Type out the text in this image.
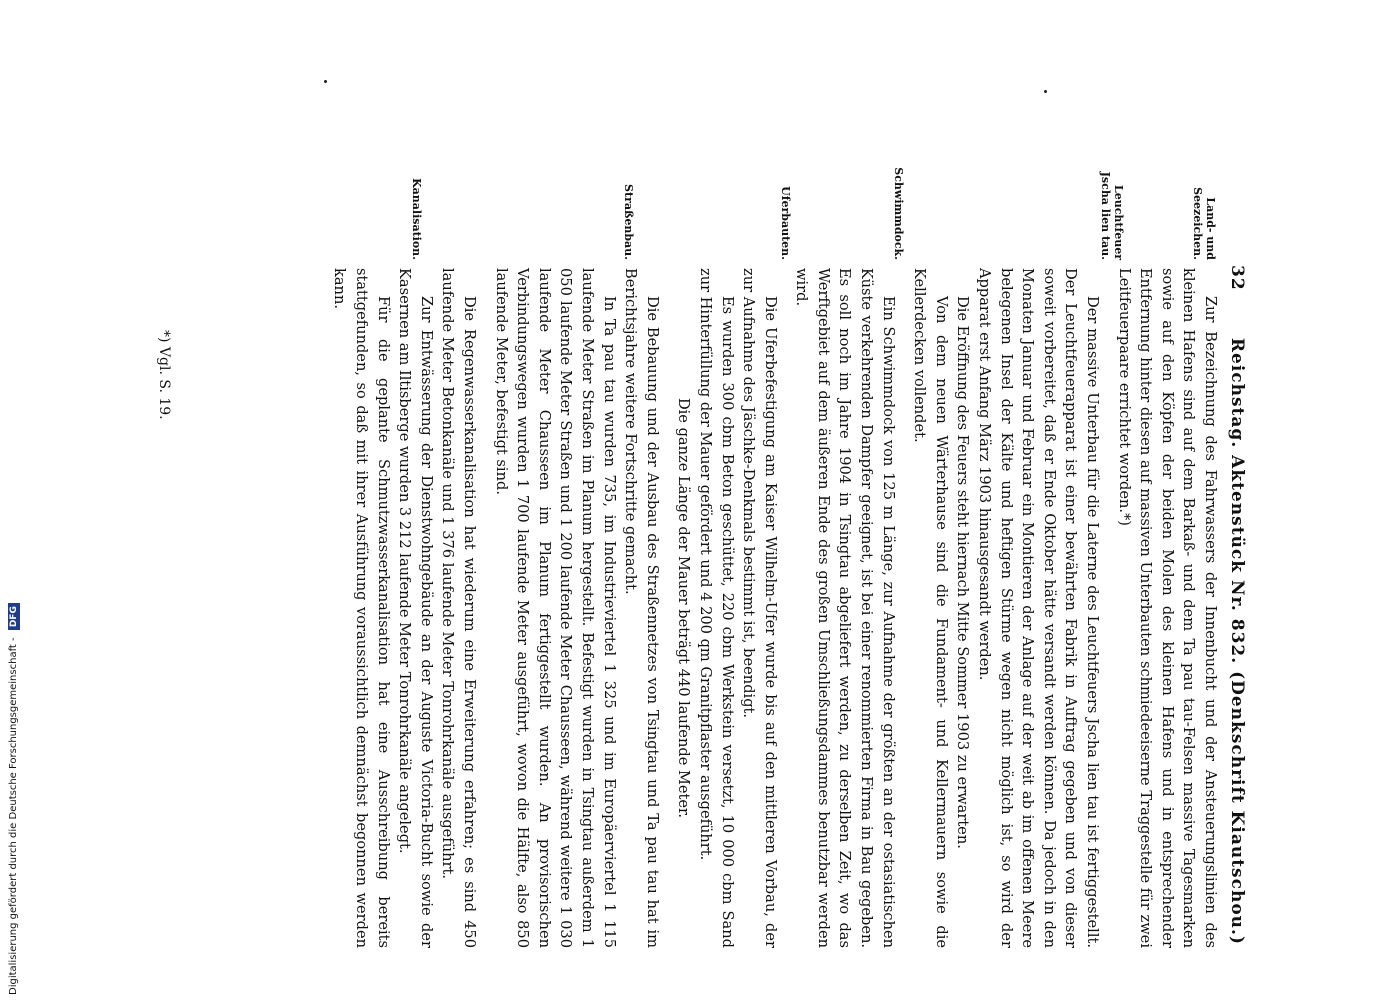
32
Reichstag. Aktenstück Nr. 832. (Denkschrift Kiautschou.)
Land- und Seezeichen.
Leuchtfeuer Jscha lien tau.
Schwimmdock.
Uferbauten.
Straßenbau.
Kanalisation.

Zur Bezeichnung des Fahrwassers der Innenbucht und der Ansteuerungslinien des kleinen Hafens sind auf dem Barkaß- und dem Ta pau tau-Felsen massive Tagesmarken sowie auf den Köpfen der beiden Molen des kleinen Hafens und in entsprechender Entfernung hinter diesen auf massiven Unterbauten schmiedeeiserne Traggestelle für zwei Leitfeuerpaare errichtet worden.*)

Der massive Unterbau für die Laterne des Leuchtfeuers Jscha lien tau ist fertiggestellt. Der Leuchtfeuerapparat ist einer bewährten Fabrik in Auftrag gegeben und von dieser soweit vorbereitet, daß er Ende Oktober hätte versandt werden können. Da jedoch in den Monaten Januar und Februar ein Montieren der Anlage auf der weit ab im offenen Meere belegenen Insel der Kälte und heftigen Stürme wegen nicht möglich ist, so wird der Apparat erst Anfang März 1903 hinausgesandt werden.

Die Eröffnung des Feuers steht hiernach Mitte Sommer 1903 zu erwarten.

Von dem neuen Wärterhause sind die Fundament- und Kellermauern sowie die Kellerdecken vollendet.

Ein Schwimmdock von 125 m Länge, zur Aufnahme der größten an der ostasiatischen Küste verkehrenden Dampfer geeignet, ist bei einer renommierten Firma in Bau gegeben. Es soll noch im Jahre 1904 in Tsingtau abgeliefert werden, zu derselben Zeit, wo das Werftgebiet auf dem äußeren Ende des großen Umschließungsdammes benutzbar werden wird.

Die Uferbefestigung am Kaiser Wilhelm-Ufer wurde bis auf den mittleren Vorbau, der zur Aufnahme des Jäschke-Denkmals bestimmt ist, beendigt.

Es wurden 300 cbm Beton geschüttet, 220 cbm Werkstein versetzt, 10 000 cbm Sand zur Hinterfüllung der Mauer gefördert und 4 200 qm Granitpflaster ausgeführt.

Die ganze Länge der Mauer beträgt 440 laufende Meter.

Die Bebauung und der Ausbau des Straßennetzes von Tsingtau und Ta pau tau hat im Berichtsjahre weitere Fortschritte gemacht.

In Ta pau tau wurden 735, im Industrieviertel 1 325 und im Europäerviertel 1 115 laufende Meter Straßen im Planum hergestellt. Befestigt wurden in Tsingtau außerdem 1 050 laufende Meter Straßen und 1 200 laufende Meter Chausseen, während weitere 1 030 laufende Meter Chausseen im Planum fertiggestellt wurden. An provisorischen Verbindungswegen wurden 1 700 laufende Meter ausgeführt, wovon die Hälfte, also 850 laufende Meter, befestigt sind.

Die Regenwasserkanalisation hat wiederum eine Erweiterung erfahren; es sind 450 laufende Meter Betonkanäle und 1 376 laufende Meter Tonrohrkanäle ausgeführt.

Zur Entwässerung der Dienstwohngebäude an der Auguste Victoria-Bucht sowie der Kasernen am Iltisberge wurden 3 212 laufende Meter Tonrohrkanäle angelegt.

Für die geplante Schmutzwasserkanalisation hat eine Ausschreibung bereits stattgefunden, so daß mit ihrer Ausführung voraussichtlich demnächst begonnen werden kann.

*) Vgl. S. 19.
Digitalisierung gefördert durch die Deutsche Forschungsgemeinschaft - DFG
